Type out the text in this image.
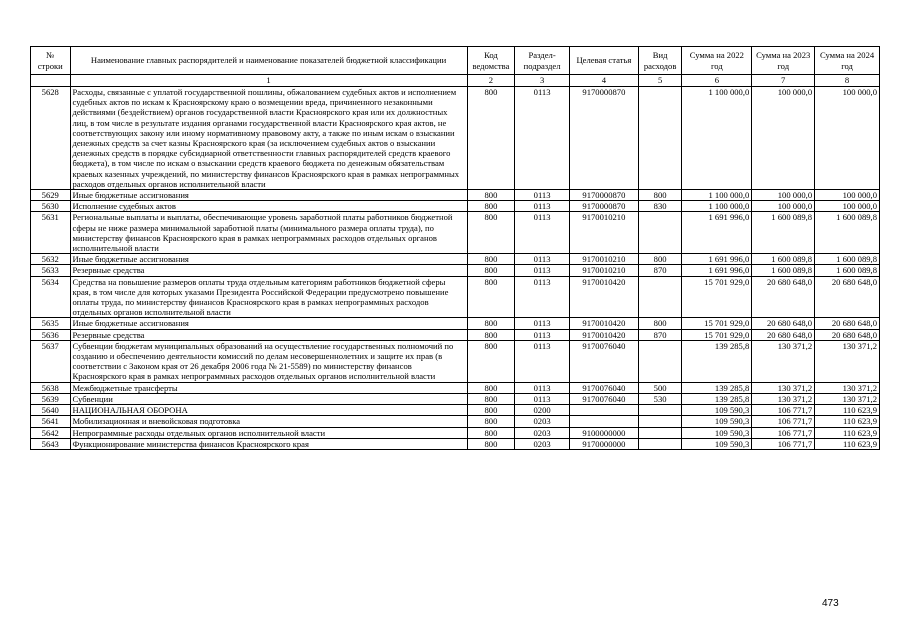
№ строки	Наименование главных распорядителей и наименование показателей бюджетной классификации	Код ведомства	Раздел-подраздел	Целевая статья	Вид расходов	Сумма на 2022 год	Сумма на 2023 год	Сумма на 2024 год
	1	2	3	4	5	6	7	8
5628	Расходы, связанные с уплатой государственной пошлины, обжалованием судебных актов и исполнением судебных актов по искам к Красноярскому краю о возмещении вреда, причиненного незаконными действиями (бездействием) органов государственной власти Красноярского края или их должностных лиц, в том числе в результате издания органами государственной власти Красноярского края актов, не соответствующих закону или иному нормативному правовому акту, а также по иным искам о взыскании денежных средств за счет казны Красноярского края (за исключением судебных актов о взыскании денежных средств в порядке субсидиарной ответственности главных распорядителей средств краевого бюджета), в том числе по искам о взыскании средств краевого бюджета по денежным обязательствам краевых казенных учреждений, по министерству финансов Красноярского края в рамках непрограммных расходов отдельных органов исполнительной власти	800	0113	9170000870		1 100 000,0	100 000,0	100 000,0
5629	Иные бюджетные ассигнования	800	0113	9170000870	800	1 100 000,0	100 000,0	100 000,0
5630	Исполнение судебных актов	800	0113	9170000870	830	1 100 000,0	100 000,0	100 000,0
5631	Региональные выплаты и выплаты, обеспечивающие уровень заработной платы работников бюджетной сферы не ниже размера минимальной заработной платы (минимального размера оплаты труда), по министерству финансов Красноярского края в рамках непрограммных расходов отдельных органов исполнительной власти	800	0113	9170010210		1 691 996,0	1 600 089,8	1 600 089,8
5632	Иные бюджетные ассигнования	800	0113	9170010210	800	1 691 996,0	1 600 089,8	1 600 089,8
5633	Резервные средства	800	0113	9170010210	870	1 691 996,0	1 600 089,8	1 600 089,8
5634	Средства на повышение размеров оплаты труда отдельным категориям работников бюджетной сферы края, в том числе для которых указами Президента Российской Федерации предусмотрено повышение оплаты труда, по министерству финансов Красноярского края в рамках непрограммных расходов отдельных органов исполнительной власти	800	0113	9170010420		15 701 929,0	20 680 648,0	20 680 648,0
5635	Иные бюджетные ассигнования	800	0113	9170010420	800	15 701 929,0	20 680 648,0	20 680 648,0
5636	Резервные средства	800	0113	9170010420	870	15 701 929,0	20 680 648,0	20 680 648,0
5637	Субвенции бюджетам муниципальных образований на осуществление государственных полномочий по созданию и обеспечению деятельности комиссий по делам несовершеннолетних и защите их прав (в соответствии с Законом края от 26 декабря 2006 года № 21-5589) по министерству финансов Красноярского края в рамках непрограммных расходов отдельных органов исполнительной власти	800	0113	9170076040		139 285,8	130 371,2	130 371,2
5638	Межбюджетные трансферты	800	0113	9170076040	500	139 285,8	130 371,2	130 371,2
5639	Субвенции	800	0113	9170076040	530	139 285,8	130 371,2	130 371,2
5640	НАЦИОНАЛЬНАЯ ОБОРОНА	800	0200			109 590,3	106 771,7	110 623,9
5641	Мобилизационная и вневойсковая подготовка	800	0203			109 590,3	106 771,7	110 623,9
5642	Непрограммные расходы отдельных органов исполнительной власти	800	0203	9100000000		109 590,3	106 771,7	110 623,9
5643	Функционирование министерства финансов Красноярского края	800	0203	9170000000		109 590,3	106 771,7	110 623,9
473
